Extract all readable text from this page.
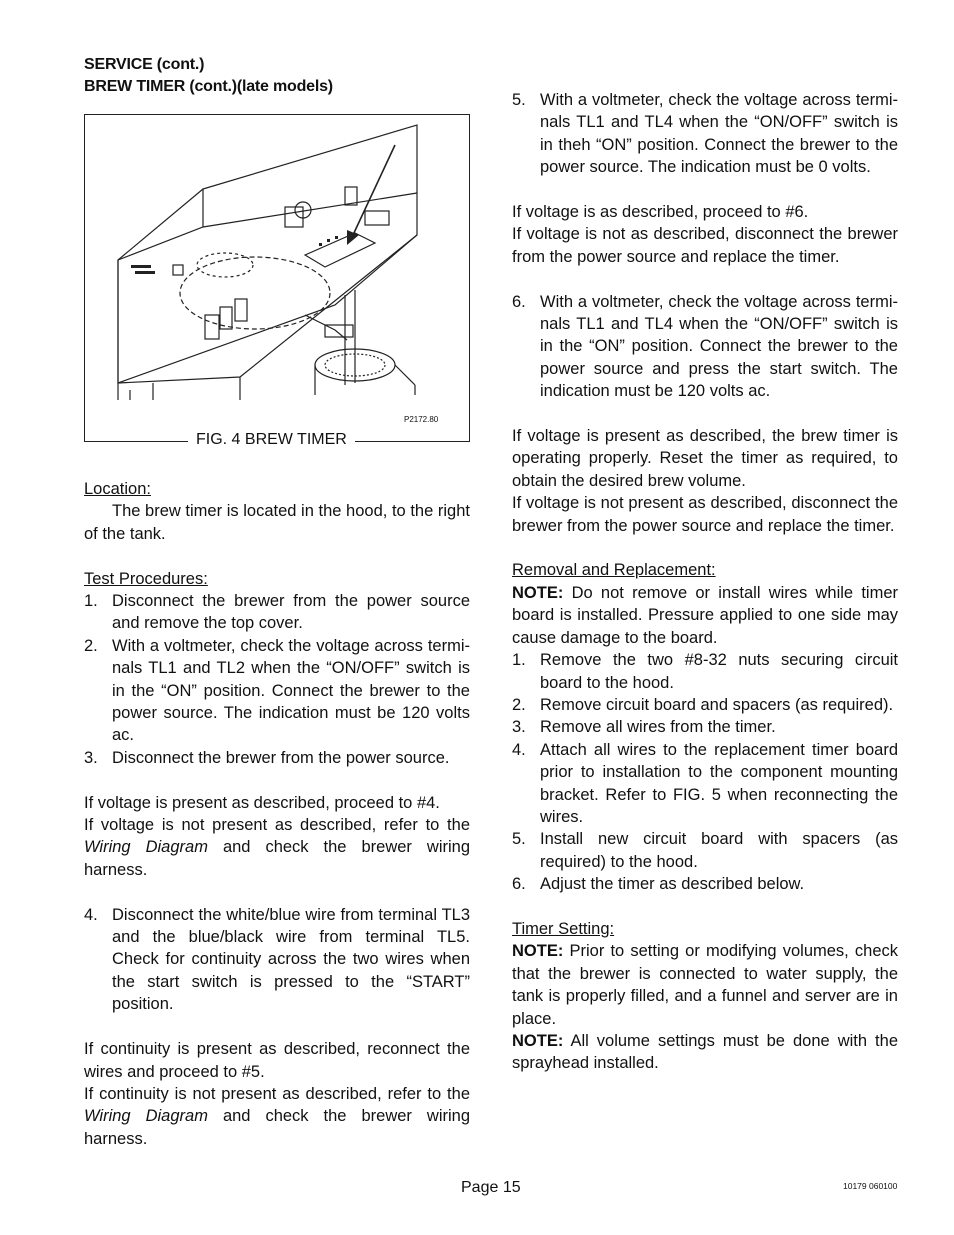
SERVICE (cont.)
BREW TIMER (cont.)(late models)
P2172.80
FIG. 4 BREW TIMER

Location:

The brew timer is located in the hood, to the right of the tank.

Test Procedures:

1. Disconnect the brewer from the power source and remove the top cover.
2. With a voltmeter, check the voltage across termi-nals TL1 and TL2 when the “ON/OFF” switch is in the “ON” position. Connect the brewer to the power source. The indication must be 120 volts ac.
3. Disconnect the brewer from the power source.

If voltage is present as described, proceed to #4.

If voltage is not present as described, refer to the Wiring Diagram and check the brewer wiring harness.

4. Disconnect the white/blue wire from terminal TL3 and the blue/black wire from terminal TL5. Check for continuity across the two wires when the start switch is pressed to the “START” position.

If continuity is present as described, reconnect the wires and proceed to #5.

If continuity is not present as described, refer to the Wiring Diagram and check the brewer wiring harness.

5. With a voltmeter, check the voltage across termi-nals TL1 and TL4 when the “ON/OFF” switch is in theh “ON” position. Connect the brewer to the power source. The indication must be 0 volts.

If voltage is as described, proceed to #6.

If voltage is not as described, disconnect the brewer from the power source and replace the timer.

6. With a voltmeter, check the voltage across termi-nals TL1 and TL4 when the “ON/OFF” switch is in the “ON” position. Connect the brewer to the power source and press the start switch. The indication must be 120 volts ac.

If voltage is present as described, the brew timer is operating properly. Reset the timer as required, to obtain the desired brew volume.

If voltage is not present as described, disconnect the brewer from the power source and replace the timer.

Removal and Replacement:

NOTE: Do not remove or install wires while timer board is installed. Pressure applied to one side may cause damage to the board.

1. Remove the two #8-32 nuts securing circuit board to the hood.
2. Remove circuit board and spacers (as required).
3. Remove all wires from the timer.
4. Attach all wires to the replacement timer board prior to installation to the component mounting bracket. Refer to FIG. 5 when reconnecting the wires.
5. Install new circuit board with spacers (as required) to the hood.
6. Adjust the timer as described below.

Timer Setting:

NOTE: Prior to setting or modifying volumes, check that the brewer is connected to water supply, the tank is properly filled, and a funnel and server are in place.

NOTE: All volume settings must be done with the sprayhead installed.

Page 15	10179 060100
